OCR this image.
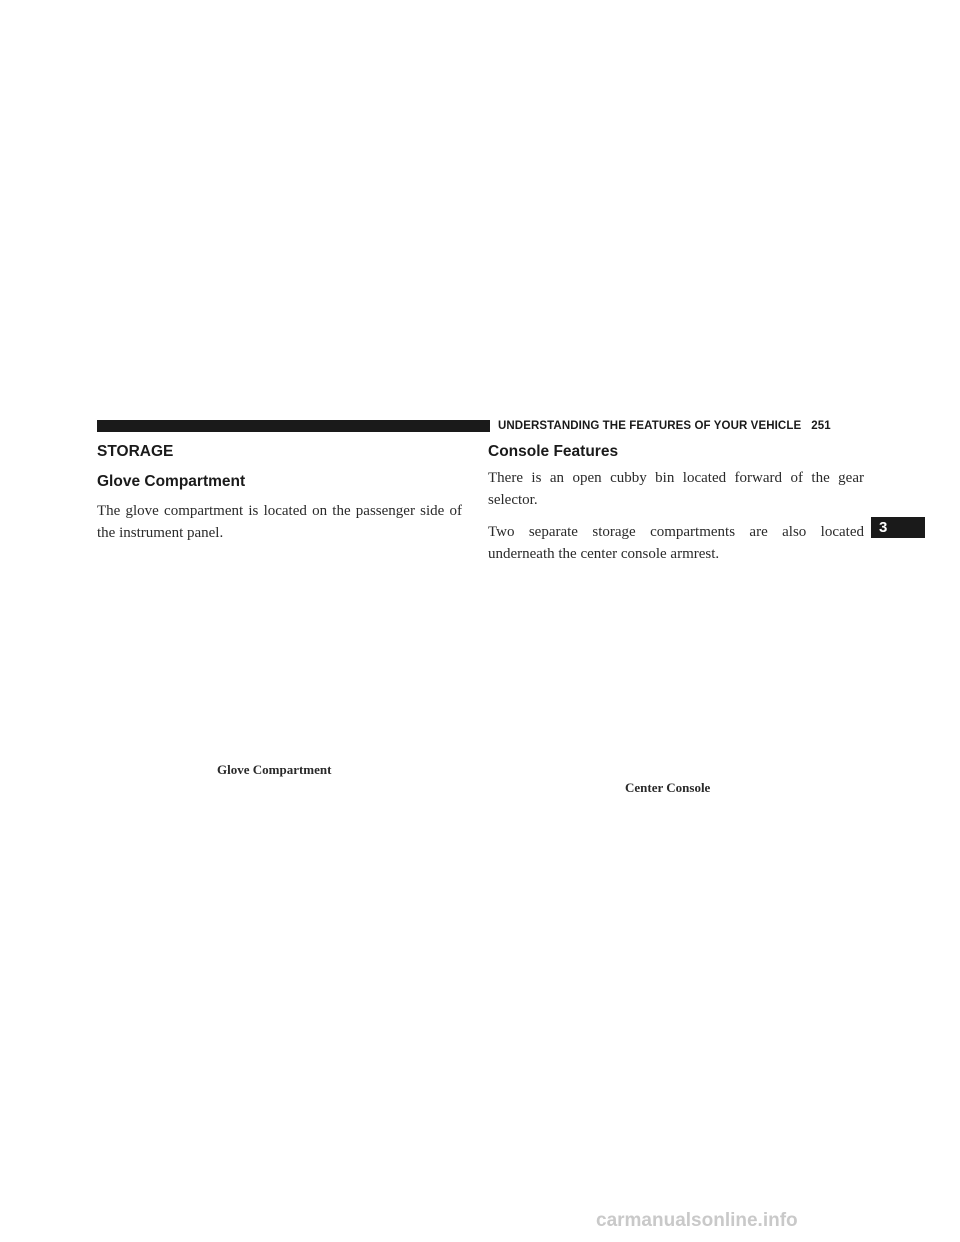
UNDERSTANDING THE FEATURES OF YOUR VEHICLE 251
3
STORAGE
Glove Compartment

The glove compartment is located on the passenger side of the instrument panel.

Console Features

There is an open cubby bin located forward of the gear selector.

Two separate storage compartments are also located underneath the center console armrest.

Glove Compartment
Center Console
carmanualsonline.info
